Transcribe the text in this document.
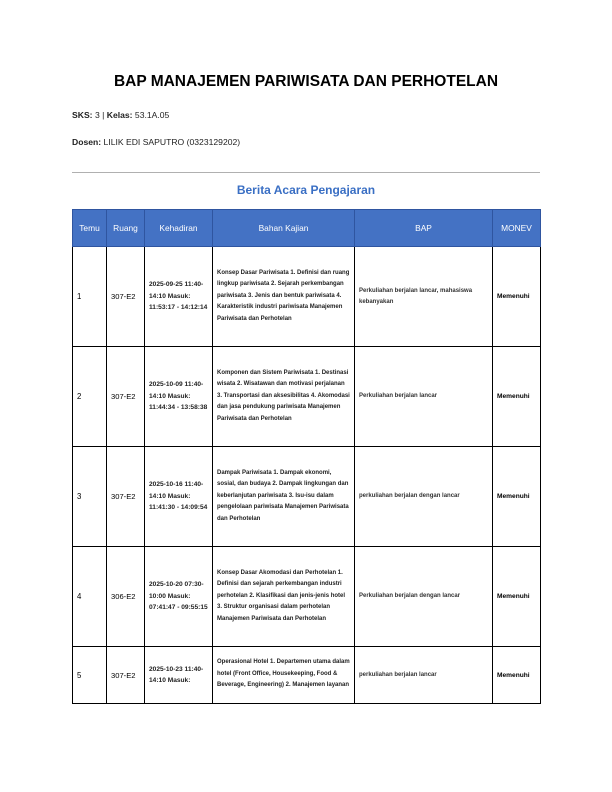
BAP MANAJEMEN PARIWISATA DAN PERHOTELAN
SKS: 3 | Kelas: 53.1A.05
Dosen: LILIK EDI SAPUTRO (0323129202)
Berita Acara Pengajaran
Temu	Ruang	Kehadiran	Bahan Kajian	BAP	MONEV
1	307-E2	2025-09-25 11:40-14:10 Masuk: 11:53:17 - 14:12:14	Konsep Dasar Pariwisata 1. Definisi dan ruang lingkup pariwisata 2. Sejarah perkembangan pariwisata 3. Jenis dan bentuk pariwisata 4. Karakteristik industri pariwisata Manajemen Pariwisata dan Perhotelan	Perkuliahan berjalan lancar, mahasiswa kebanyakan	Memenuhi
2	307-E2	2025-10-09 11:40-14:10 Masuk: 11:44:34 - 13:58:38	Komponen dan Sistem Pariwisata 1. Destinasi wisata 2. Wisatawan dan motivasi perjalanan 3. Transportasi dan aksesibilitas 4. Akomodasi dan jasa pendukung pariwisata Manajemen Pariwisata dan Perhotelan	Perkuliahan berjalan lancar	Memenuhi
3	307-E2	2025-10-16 11:40-14:10 Masuk: 11:41:30 - 14:09:54	Dampak Pariwisata 1. Dampak ekonomi, sosial, dan budaya 2. Dampak lingkungan dan keberlanjutan pariwisata 3. Isu-isu dalam pengelolaan pariwisata Manajemen Pariwisata dan Perhotelan	perkuliahan berjalan dengan lancar	Memenuhi
4	306-E2	2025-10-20 07:30-10:00 Masuk: 07:41:47 - 09:55:15	Konsep Dasar Akomodasi dan Perhotelan 1. Definisi dan sejarah perkembangan industri perhotelan 2. Klasifikasi dan jenis-jenis hotel 3. Struktur organisasi dalam perhotelan Manajemen Pariwisata dan Perhotelan	Perkuliahan berjalan dengan lancar	Memenuhi
5	307-E2	2025-10-23 11:40-14:10 Masuk:	Operasional Hotel 1. Departemen utama dalam hotel (Front Office, Housekeeping, Food & Beverage, Engineering) 2. Manajemen layanan	perkuliahan berjalan lancar	Memenuhi
